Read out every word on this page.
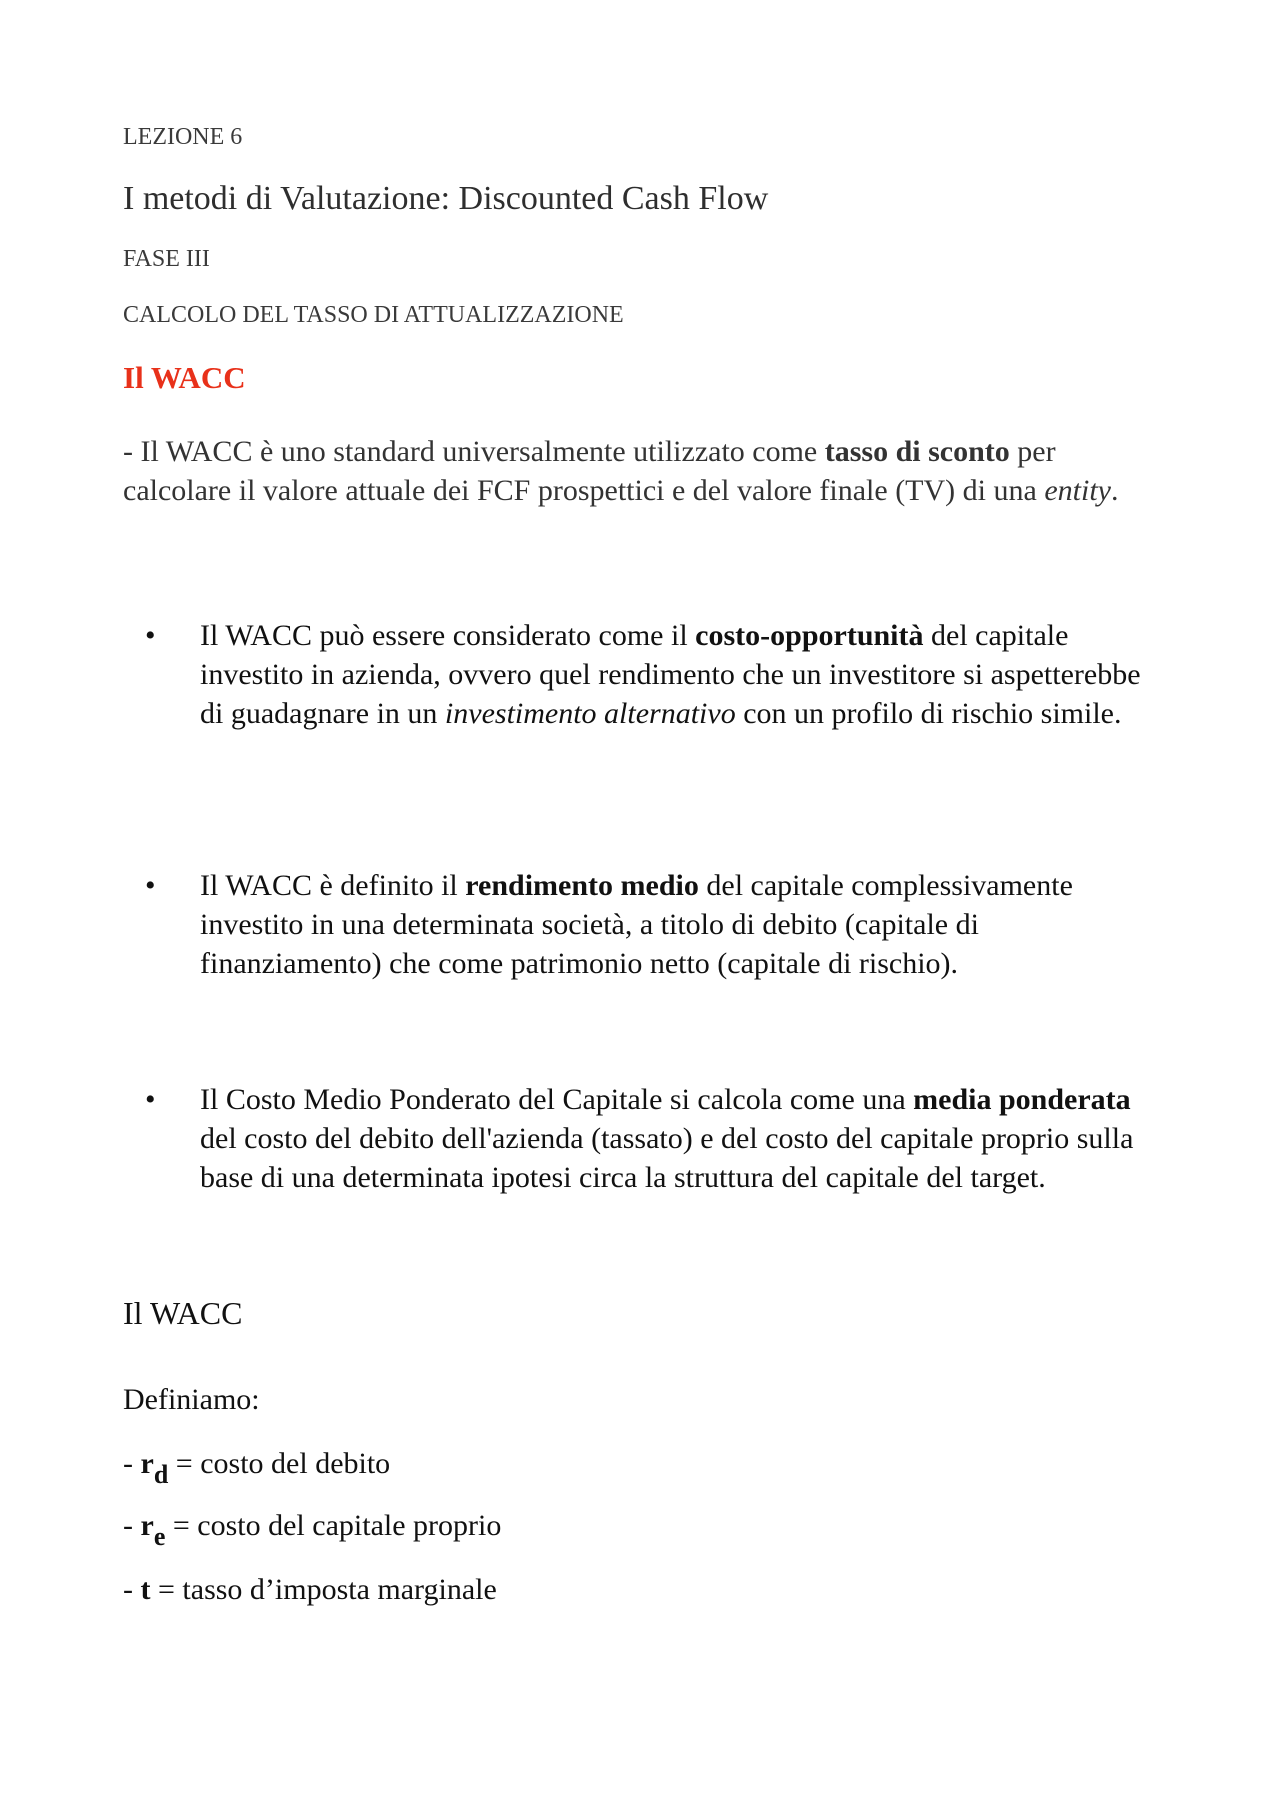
LEZIONE 6
I metodi di Valutazione: Discounted Cash Flow
FASE III
CALCOLO DEL TASSO DI ATTUALIZZAZIONE
Il WACC
- Il WACC è uno standard universalmente utilizzato come tasso di sconto per calcolare il valore attuale dei FCF prospettici e del valore finale (TV) di una entity.
• Il WACC può essere considerato come il costo-opportunità del capitale investito in azienda, ovvero quel rendimento che un investitore si aspetterebbe di guadagnare in un investimento alternativo con un profilo di rischio simile.
• Il WACC è definito il rendimento medio del capitale complessivamente investito in una determinata società, a titolo di debito (capitale di finanziamento) che come patrimonio netto (capitale di rischio).
• Il Costo Medio Ponderato del Capitale si calcola come una media ponderata del costo del debito dell'azienda (tassato) e del costo del capitale proprio sulla base di una determinata ipotesi circa la struttura del capitale del target.
Il WACC
Definiamo:
- $r_d$ = costo del debito
- $r_e$ = costo del capitale proprio
- t = tasso d’imposta marginale
